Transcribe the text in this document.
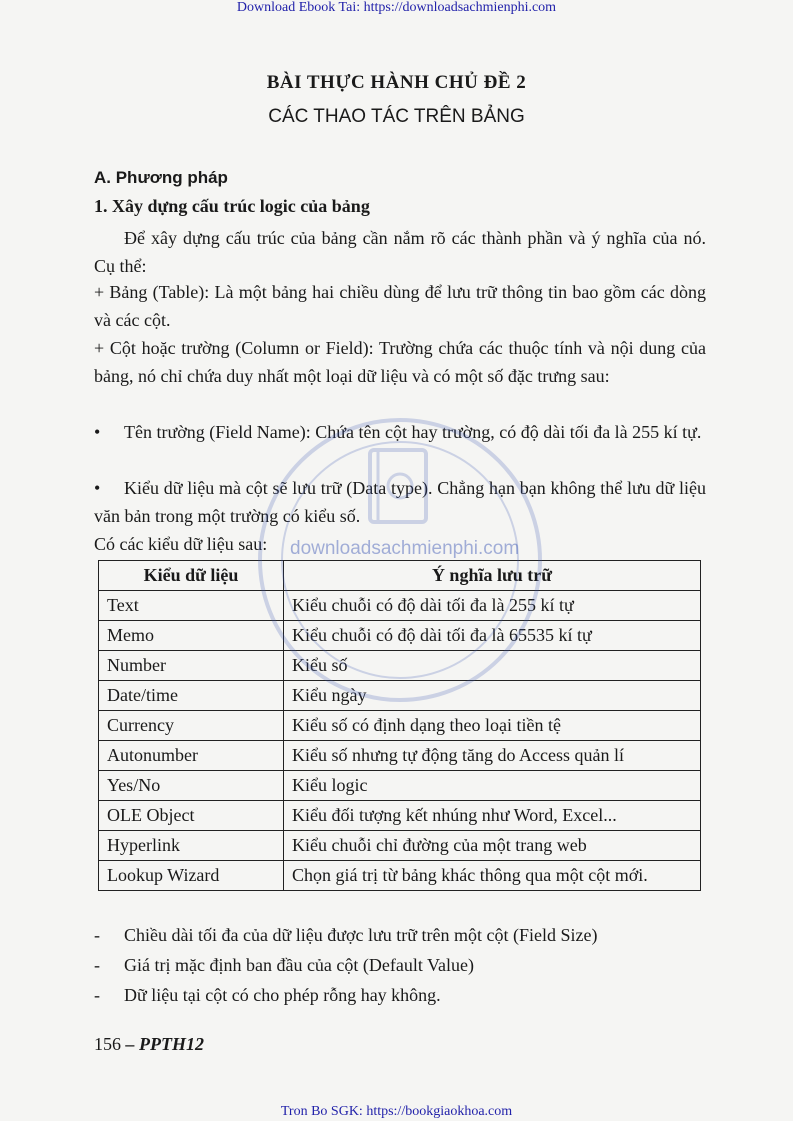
Download Ebook Tai: https://downloadsachmienphi.com
BÀI THỰC HÀNH CHỦ ĐỀ 2
CÁC THAO TÁC TRÊN BẢNG
A. Phương pháp
1. Xây dựng cấu trúc logic của bảng

Để xây dựng cấu trúc của bảng cần nắm rõ các thành phần và ý nghĩa của nó. Cụ thể:

+ Bảng (Table): Là một bảng hai chiều dùng để lưu trữ thông tin bao gồm các dòng và các cột.

+ Cột hoặc trường (Column or Field): Trường chứa các thuộc tính và nội dung của bảng, nó chỉ chứa duy nhất một loại dữ liệu và có một số đặc trưng sau:

• Tên trường (Field Name): Chứa tên cột hay trường, có độ dài tối đa là 255 kí tự.

• Kiểu dữ liệu mà cột sẽ lưu trữ (Data type). Chẳng hạn bạn không thể lưu dữ liệu văn bản trong một trường có kiểu số.

Có các kiểu dữ liệu sau:

Kiểu dữ liệu	Ý nghĩa lưu trữ
Text	Kiểu chuỗi có độ dài tối đa là 255 kí tự
Memo	Kiểu chuỗi có độ dài tối đa là 65535 kí tự
Number	Kiểu số
Date/time	Kiểu ngày
Currency	Kiểu số có định dạng theo loại tiền tệ
Autonumber	Kiểu số nhưng tự động tăng do Access quản lí
Yes/No	Kiểu logic
OLE Object	Kiểu đối tượng kết nhúng như Word, Excel...
Hyperlink	Kiểu chuỗi chỉ đường của một trang web
Lookup Wizard	Chọn giá trị từ bảng khác thông qua một cột mới.
- Chiều dài tối đa của dữ liệu được lưu trữ trên một cột (Field Size)
- Giá trị mặc định ban đầu của cột (Default Value)
- Dữ liệu tại cột có cho phép rỗng hay không.
156 – PPTH12
downloadsachmienphi.com
Tron Bo SGK: https://bookgiaokhoa.com
